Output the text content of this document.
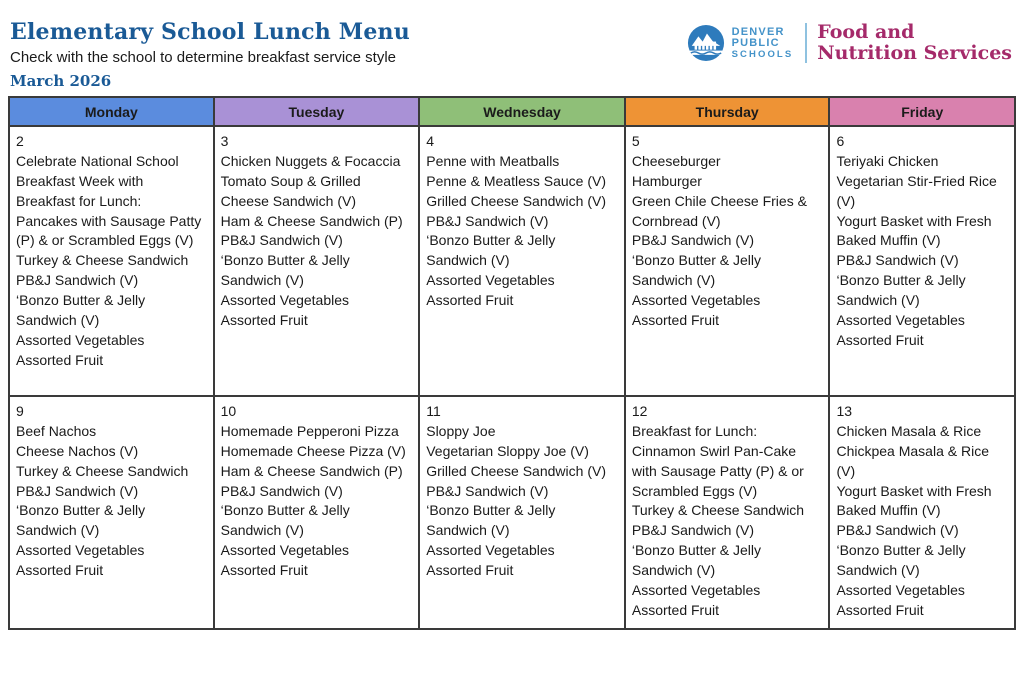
Elementary School Lunch Menu

Check with the school to determine breakfast service style

March 2026

DENVER
PUBLIC
SCHOOLS
Food and
Nutrition Services
Monday	Tuesday	Wednesday	Thursday	Friday

2
Celebrate National School Breakfast Week with Breakfast for Lunch: Pancakes with Sausage Patty (P) & or Scrambled Eggs (V)
Turkey & Cheese Sandwich
PB&J Sandwich (V)
‘Bonzo Butter & Jelly Sandwich (V)
Assorted Vegetables
Assorted Fruit

3
Chicken Nuggets & Focaccia
Tomato Soup & Grilled Cheese Sandwich (V)
Ham & Cheese Sandwich (P)
PB&J Sandwich (V)
‘Bonzo Butter & Jelly Sandwich (V)
Assorted Vegetables
Assorted Fruit

4
Penne with Meatballs
Penne & Meatless Sauce (V)
Grilled Cheese Sandwich (V)
PB&J Sandwich (V)
‘Bonzo Butter & Jelly Sandwich (V)
Assorted Vegetables
Assorted Fruit

5
Cheeseburger
Hamburger
Green Chile Cheese Fries & Cornbread (V)
PB&J Sandwich (V)
‘Bonzo Butter & Jelly Sandwich (V)
Assorted Vegetables
Assorted Fruit

6
Teriyaki Chicken
Vegetarian Stir-Fried Rice (V)
Yogurt Basket with Fresh Baked Muffin (V)
PB&J Sandwich (V)
‘Bonzo Butter & Jelly Sandwich (V)
Assorted Vegetables
Assorted Fruit

9
Beef Nachos
Cheese Nachos (V)
Turkey & Cheese Sandwich
PB&J Sandwich (V)
‘Bonzo Butter & Jelly Sandwich (V)
Assorted Vegetables
Assorted Fruit

10
Homemade Pepperoni Pizza
Homemade Cheese Pizza (V)
Ham & Cheese Sandwich (P)
PB&J Sandwich (V)
‘Bonzo Butter & Jelly Sandwich (V)
Assorted Vegetables
Assorted Fruit

11
Sloppy Joe
Vegetarian Sloppy Joe (V)
Grilled Cheese Sandwich (V)
PB&J Sandwich (V)
‘Bonzo Butter & Jelly Sandwich (V)
Assorted Vegetables
Assorted Fruit

12
Breakfast for Lunch: Cinnamon Swirl Pan-Cake with Sausage Patty (P) & or Scrambled Eggs (V)
Turkey & Cheese Sandwich
PB&J Sandwich (V)
‘Bonzo Butter & Jelly Sandwich (V)
Assorted Vegetables
Assorted Fruit

13
Chicken Masala & Rice
Chickpea Masala & Rice (V)
Yogurt Basket with Fresh Baked Muffin (V)
PB&J Sandwich (V)
‘Bonzo Butter & Jelly Sandwich (V)
Assorted Vegetables
Assorted Fruit
